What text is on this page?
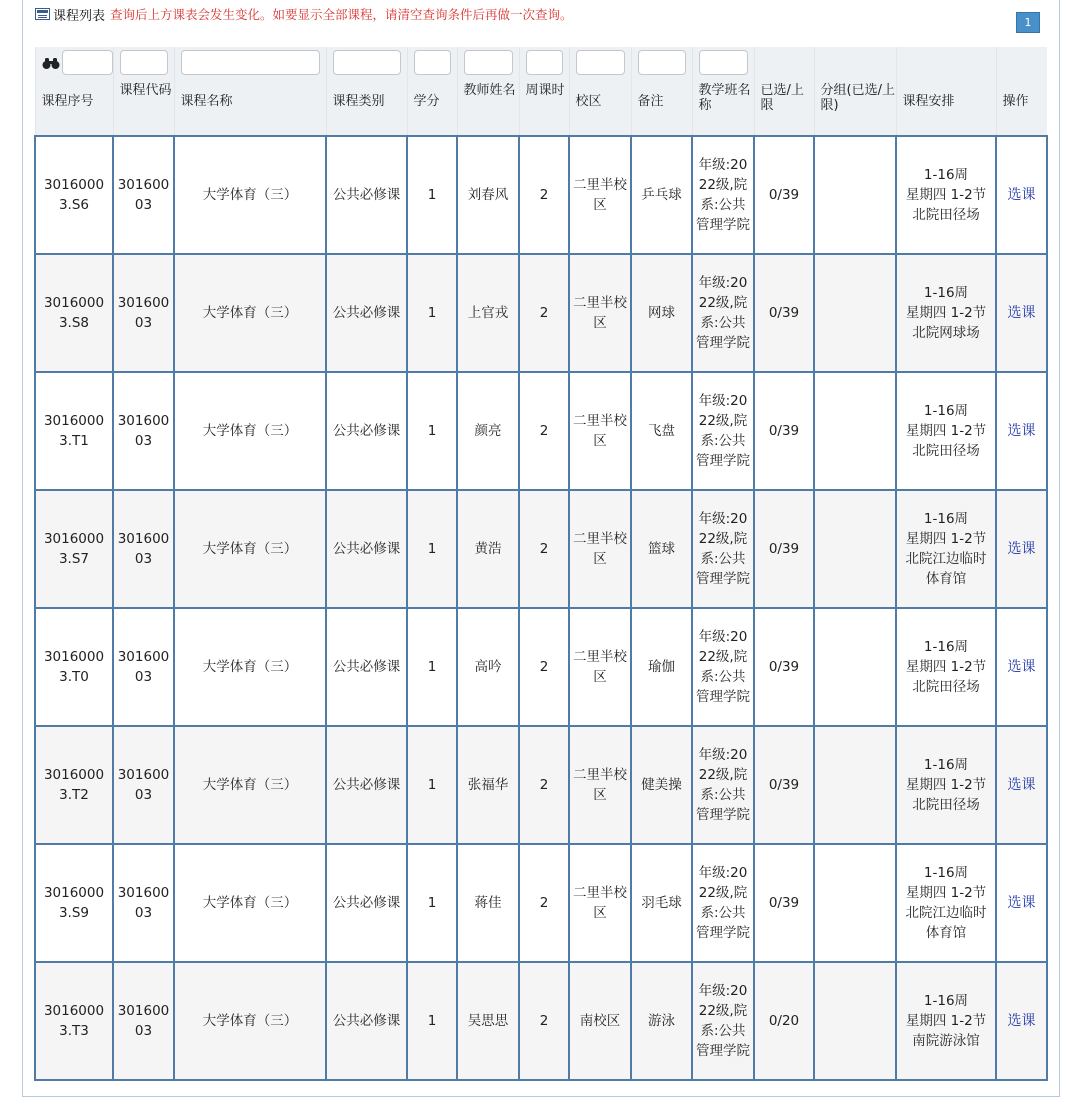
课程列表 查询后上方课表会发生变化。如要显示全部课程，请清空查询条件后再做一次查询。
1

课程序号	课程代码	课程名称	课程类别	学分	教师姓名	周课时	校区	备注	教学班名称	已选/上限	分组(已选/上限)	课程安排	操作

30160003.S6	30160003	大学体育（三）	公共必修课	1	刘春风	2	二里半校区	乒乓球	年级:2022级,院系:公共管理学院	0/39		1-16周
星期四 1-2节
北院田径场	选课
30160003.S8	30160003	大学体育（三）	公共必修课	1	上官戎	2	二里半校区	网球	年级:2022级,院系:公共管理学院	0/39		1-16周
星期四 1-2节
北院网球场	选课
30160003.T1	30160003	大学体育（三）	公共必修课	1	颜亮	2	二里半校区	飞盘	年级:2022级,院系:公共管理学院	0/39		1-16周
星期四 1-2节
北院田径场	选课
30160003.S7	30160003	大学体育（三）	公共必修课	1	黄浩	2	二里半校区	篮球	年级:2022级,院系:公共管理学院	0/39		1-16周
星期四 1-2节
北院江边临时体育馆	选课
30160003.T0	30160003	大学体育（三）	公共必修课	1	高吟	2	二里半校区	瑜伽	年级:2022级,院系:公共管理学院	0/39		1-16周
星期四 1-2节
北院田径场	选课
30160003.T2	30160003	大学体育（三）	公共必修课	1	张福华	2	二里半校区	健美操	年级:2022级,院系:公共管理学院	0/39		1-16周
星期四 1-2节
北院田径场	选课
30160003.S9	30160003	大学体育（三）	公共必修课	1	蒋佳	2	二里半校区	羽毛球	年级:2022级,院系:公共管理学院	0/39		1-16周
星期四 1-2节
北院江边临时体育馆	选课
30160003.T3	30160003	大学体育（三）	公共必修课	1	吴思思	2	南校区	游泳	年级:2022级,院系:公共管理学院	0/20		1-16周
星期四 1-2节
南院游泳馆	选课
